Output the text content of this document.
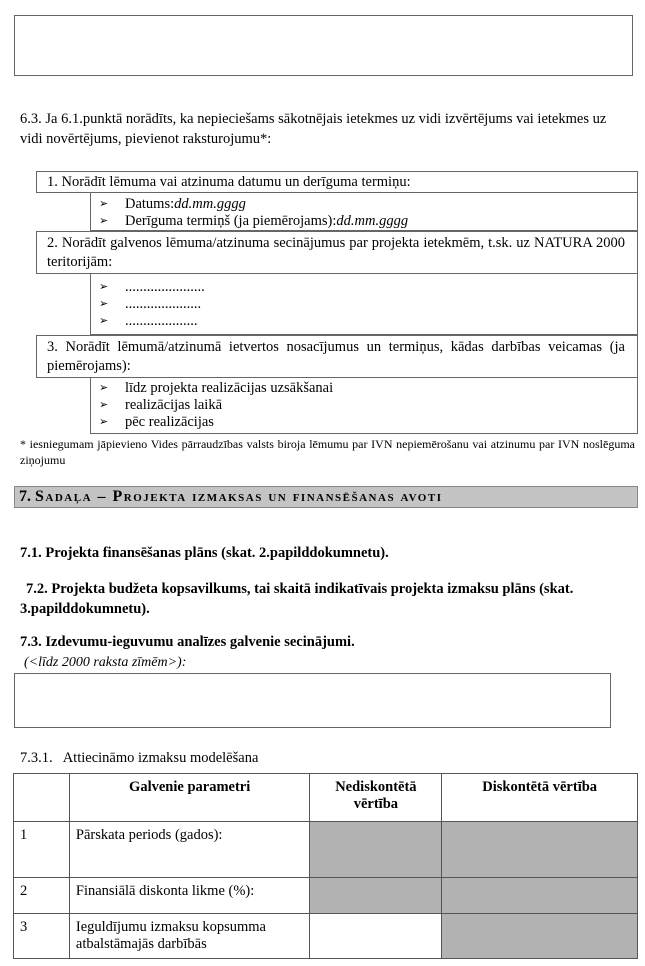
6.3. Ja 6.1.punktā norādīts, ka nepieciešams sākotnējais ietekmes uz vidi izvērtējums vai ietekmes uz vidi novērtējums, pievienot raksturojumu*:
1. Norādīt lēmuma vai atzinuma datumu un derīguma termiņu:
➢	Datums: dd.mm.gggg
➢	Derīguma termiņš (ja piemērojams): dd.mm.gggg
2. Norādīt galvenos lēmuma/atzinuma secinājumus par projekta ietekmēm, t.sk. uz NATURA 2000 teritorijām:
➢	......................
➢	.....................
➢	....................
3. Norādīt lēmumā/atzinumā ietvertos nosacījumus un termiņus, kādas darbības veicamas (ja piemērojams):
➢	līdz projekta realizācijas uzsākšanai
➢	realizācijas laikā
➢	pēc realizācijas
* iesniegumam jāpievieno Vides pārraudzības valsts biroja lēmumu par IVN nepiemērošanu vai atzinumu par IVN noslēguma ziņojumu
7. Sadaļa – Projekta izmaksas un finansēšanas avoti
7.1. Projekta finansēšanas plāns (skat. 2.papilddokumnetu).
7.2. Projekta budžeta kopsavilkums, tai skaitā indikatīvais projekta izmaksu plāns (skat. 3.papilddokumnetu).
7.3. Izdevumu-ieguvumu analīzes galvenie secinājumi.
(<līdz 2000 raksta zīmēm>):
7.3.1.   Attiecināmo izmaksu modelēšana
	Galvenie parametri	Nediskontētā vērtība	Diskontētā vērtība
1	Pārskata periods (gados):		
2	Finansiālā diskonta likme (%):		
3	Ieguldījumu izmaksu kopsumma atbalstāmajās darbībās		
